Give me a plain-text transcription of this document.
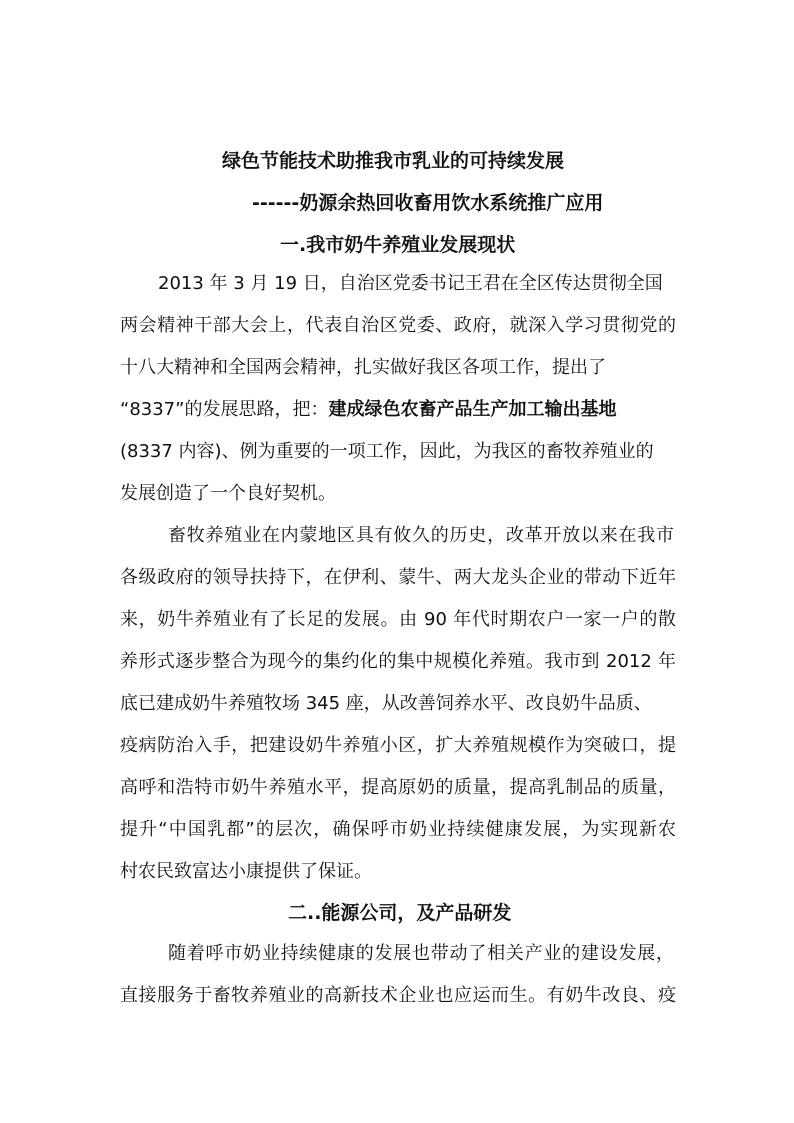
绿色节能技术助推我市乳业的可持续发展
------奶源余热回收畜用饮水系统推广应用
一.我市奶牛养殖业发展现状
2013 年 3 月 19 日，自治区党委书记王君在全区传达贯彻全国
两会精神干部大会上，代表自治区党委、政府，就深入学习贯彻党的
十八大精神和全国两会精神，扎实做好我区各项工作，提出了
“8337”的发展思路，把：建成绿色农畜产品生产加工输出基地
(8337 内容)、例为重要的一项工作，因此，为我区的畜牧养殖业的
发展创造了一个良好契机。
畜牧养殖业在内蒙地区具有攸久的历史，改革开放以来在我市
各级政府的领导扶持下，在伊利、蒙牛、两大龙头企业的带动下近年
来，奶牛养殖业有了长足的发展。由 90 年代时期农户一家一户的散
养形式逐步整合为现今的集约化的集中规模化养殖。我市到 2012 年
底已建成奶牛养殖牧场 345 座，从改善饲养水平、改良奶牛品质、
疫病防治入手，把建设奶牛养殖小区，扩大养殖规模作为突破口，提
高呼和浩特市奶牛养殖水平，提高原奶的质量，提高乳制品的质量，
提升“中国乳都”的层次，确保呼市奶业持续健康发展，为实现新农
村农民致富达小康提供了保证。
二..能源公司，及产品研发
随着呼市奶业持续健康的发展也带动了相关产业的建设发展，
直接服务于畜牧养殖业的高新技术企业也应运而生。有奶牛改良、疫
